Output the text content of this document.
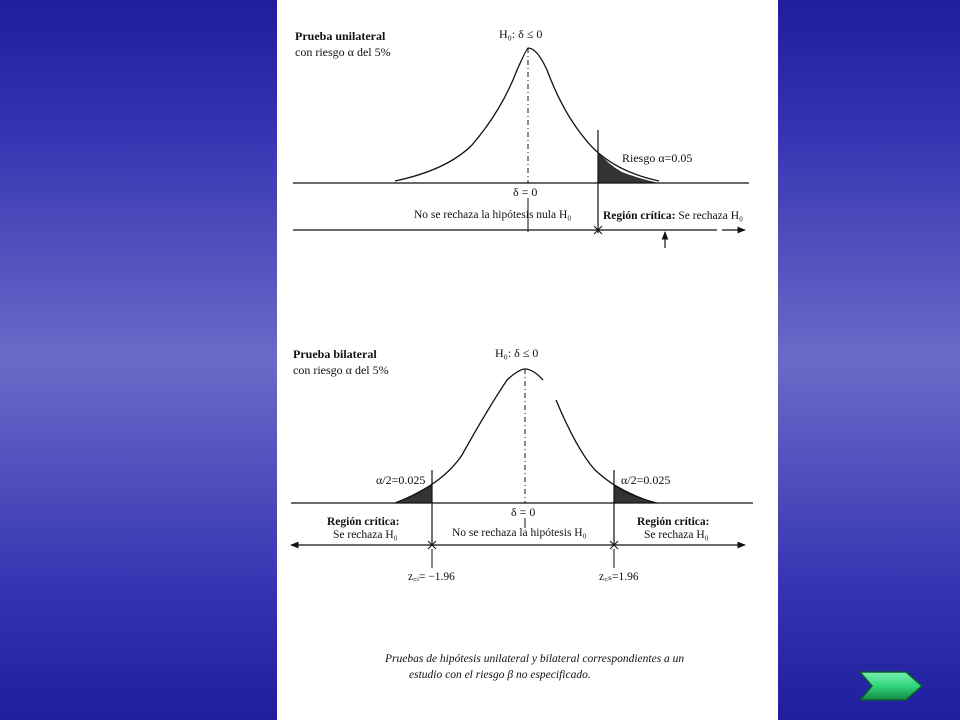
Prueba unilateral
con riesgo α del 5%
H₀: δ ≤ 0
Riesgo α=0.05
δ = 0
No se rechaza la hipótesis nula H₀	Región crítica: Se rechaza H₀
Prueba bilateral
con riesgo α del 5%
H₀: δ ≤ 0
α/2=0.025	α/2=0.025
δ = 0
Región crítica:
Se rechaza H₀
Región crítica:
Se rechaza H₀
No se rechaza la hipótesis H₀
z꜀ᵢ= −1.96	z꜀ₛ=1.96
Pruebas de hipótesis unilateral y bilateral correspondientes a un
estudio con el riesgo β no especificado.
